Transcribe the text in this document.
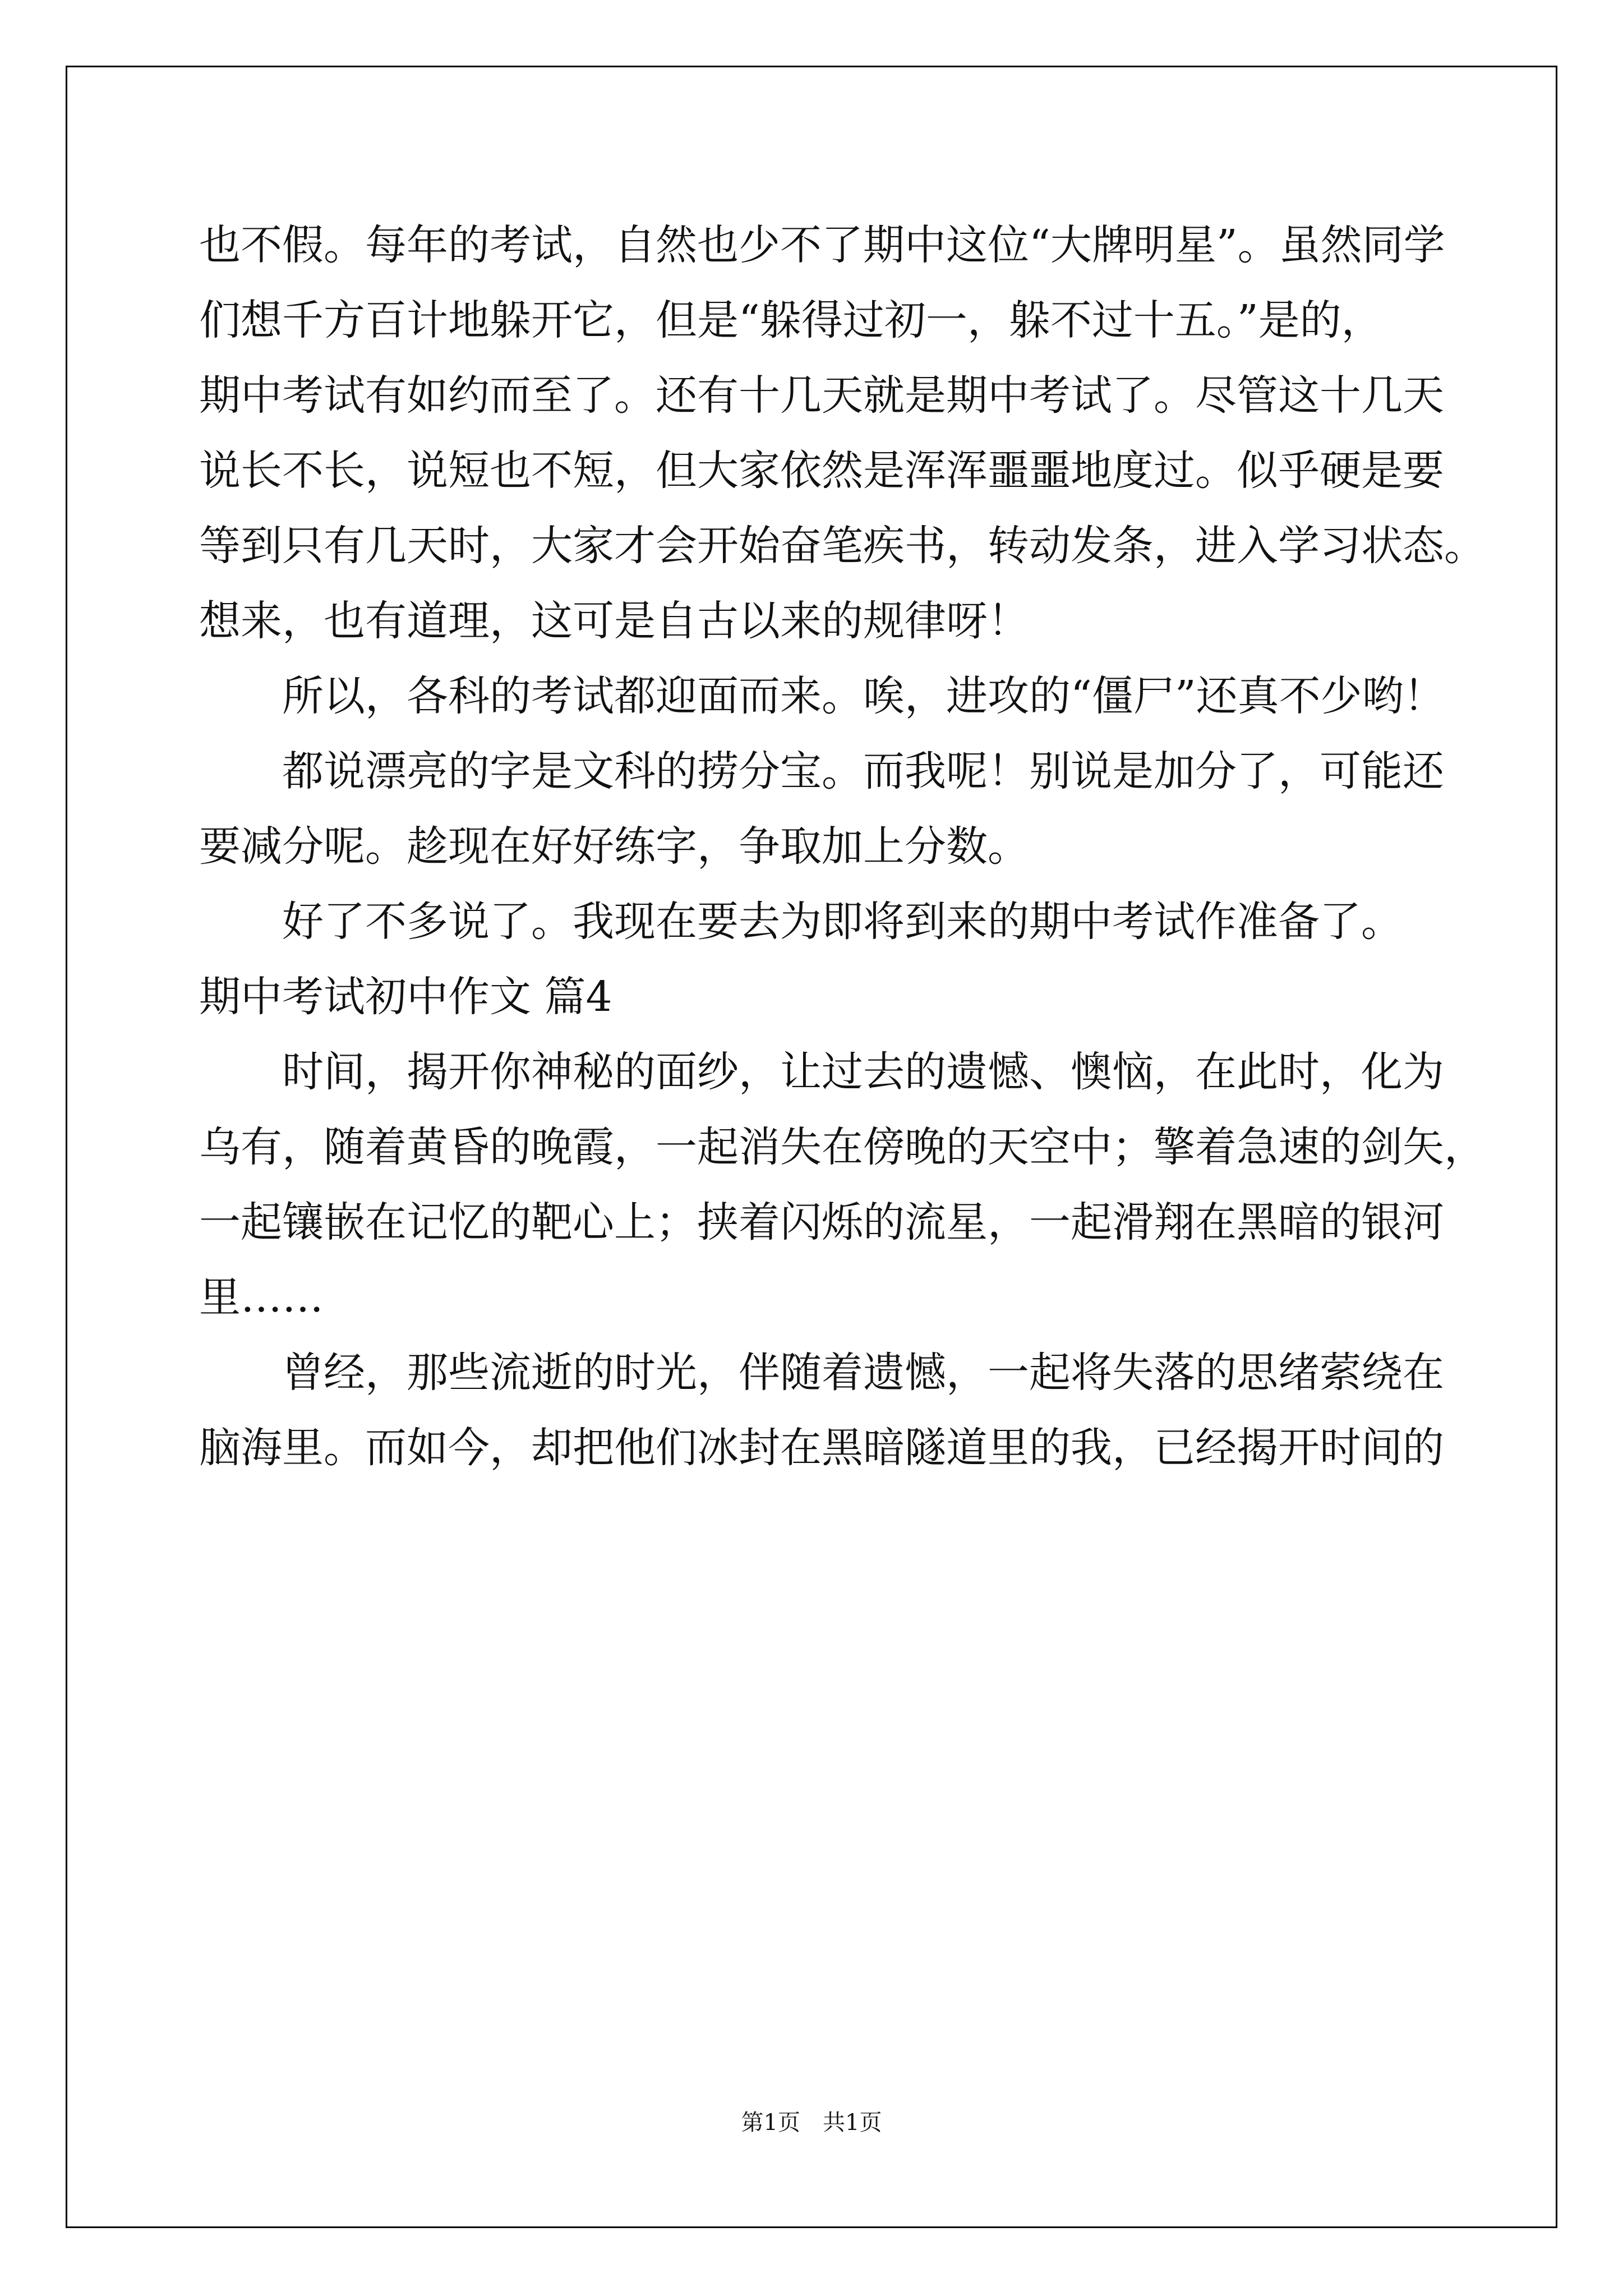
也不假。每年的考试，自然也少不了期中这位“大牌明星”。虽然同学
们想千方百计地躲开它，但是“躲得过初一，躲不过十五。”是的，
期中考试有如约而至了。还有十几天就是期中考试了。尽管这十几天
说长不长，说短也不短，但大家依然是浑浑噩噩地度过。似乎硬是要
等到只有几天时，大家才会开始奋笔疾书，转动发条，进入学习状态。
想来，也有道理，这可是自古以来的规律呀！
所以，各科的考试都迎面而来。唉，进攻的“僵尸”还真不少哟！
都说漂亮的字是文科的捞分宝。而我呢！别说是加分了，可能还
要减分呢。趁现在好好练字，争取加上分数。
好了不多说了。我现在要去为即将到来的期中考试作准备了。
期中考试初中作文 篇4
时间，揭开你神秘的面纱，让过去的遗憾、懊恼，在此时，化为
乌有，随着黄昏的晚霞，一起消失在傍晚的天空中；擎着急速的剑矢，
一起镶嵌在记忆的靶心上；挟着闪烁的流星，一起滑翔在黑暗的银河
里……
曾经，那些流逝的时光，伴随着遗憾，一起将失落的思绪萦绕在
脑海里。而如今，却把他们冰封在黑暗隧道里的我，已经揭开时间的
第1页　共1页
